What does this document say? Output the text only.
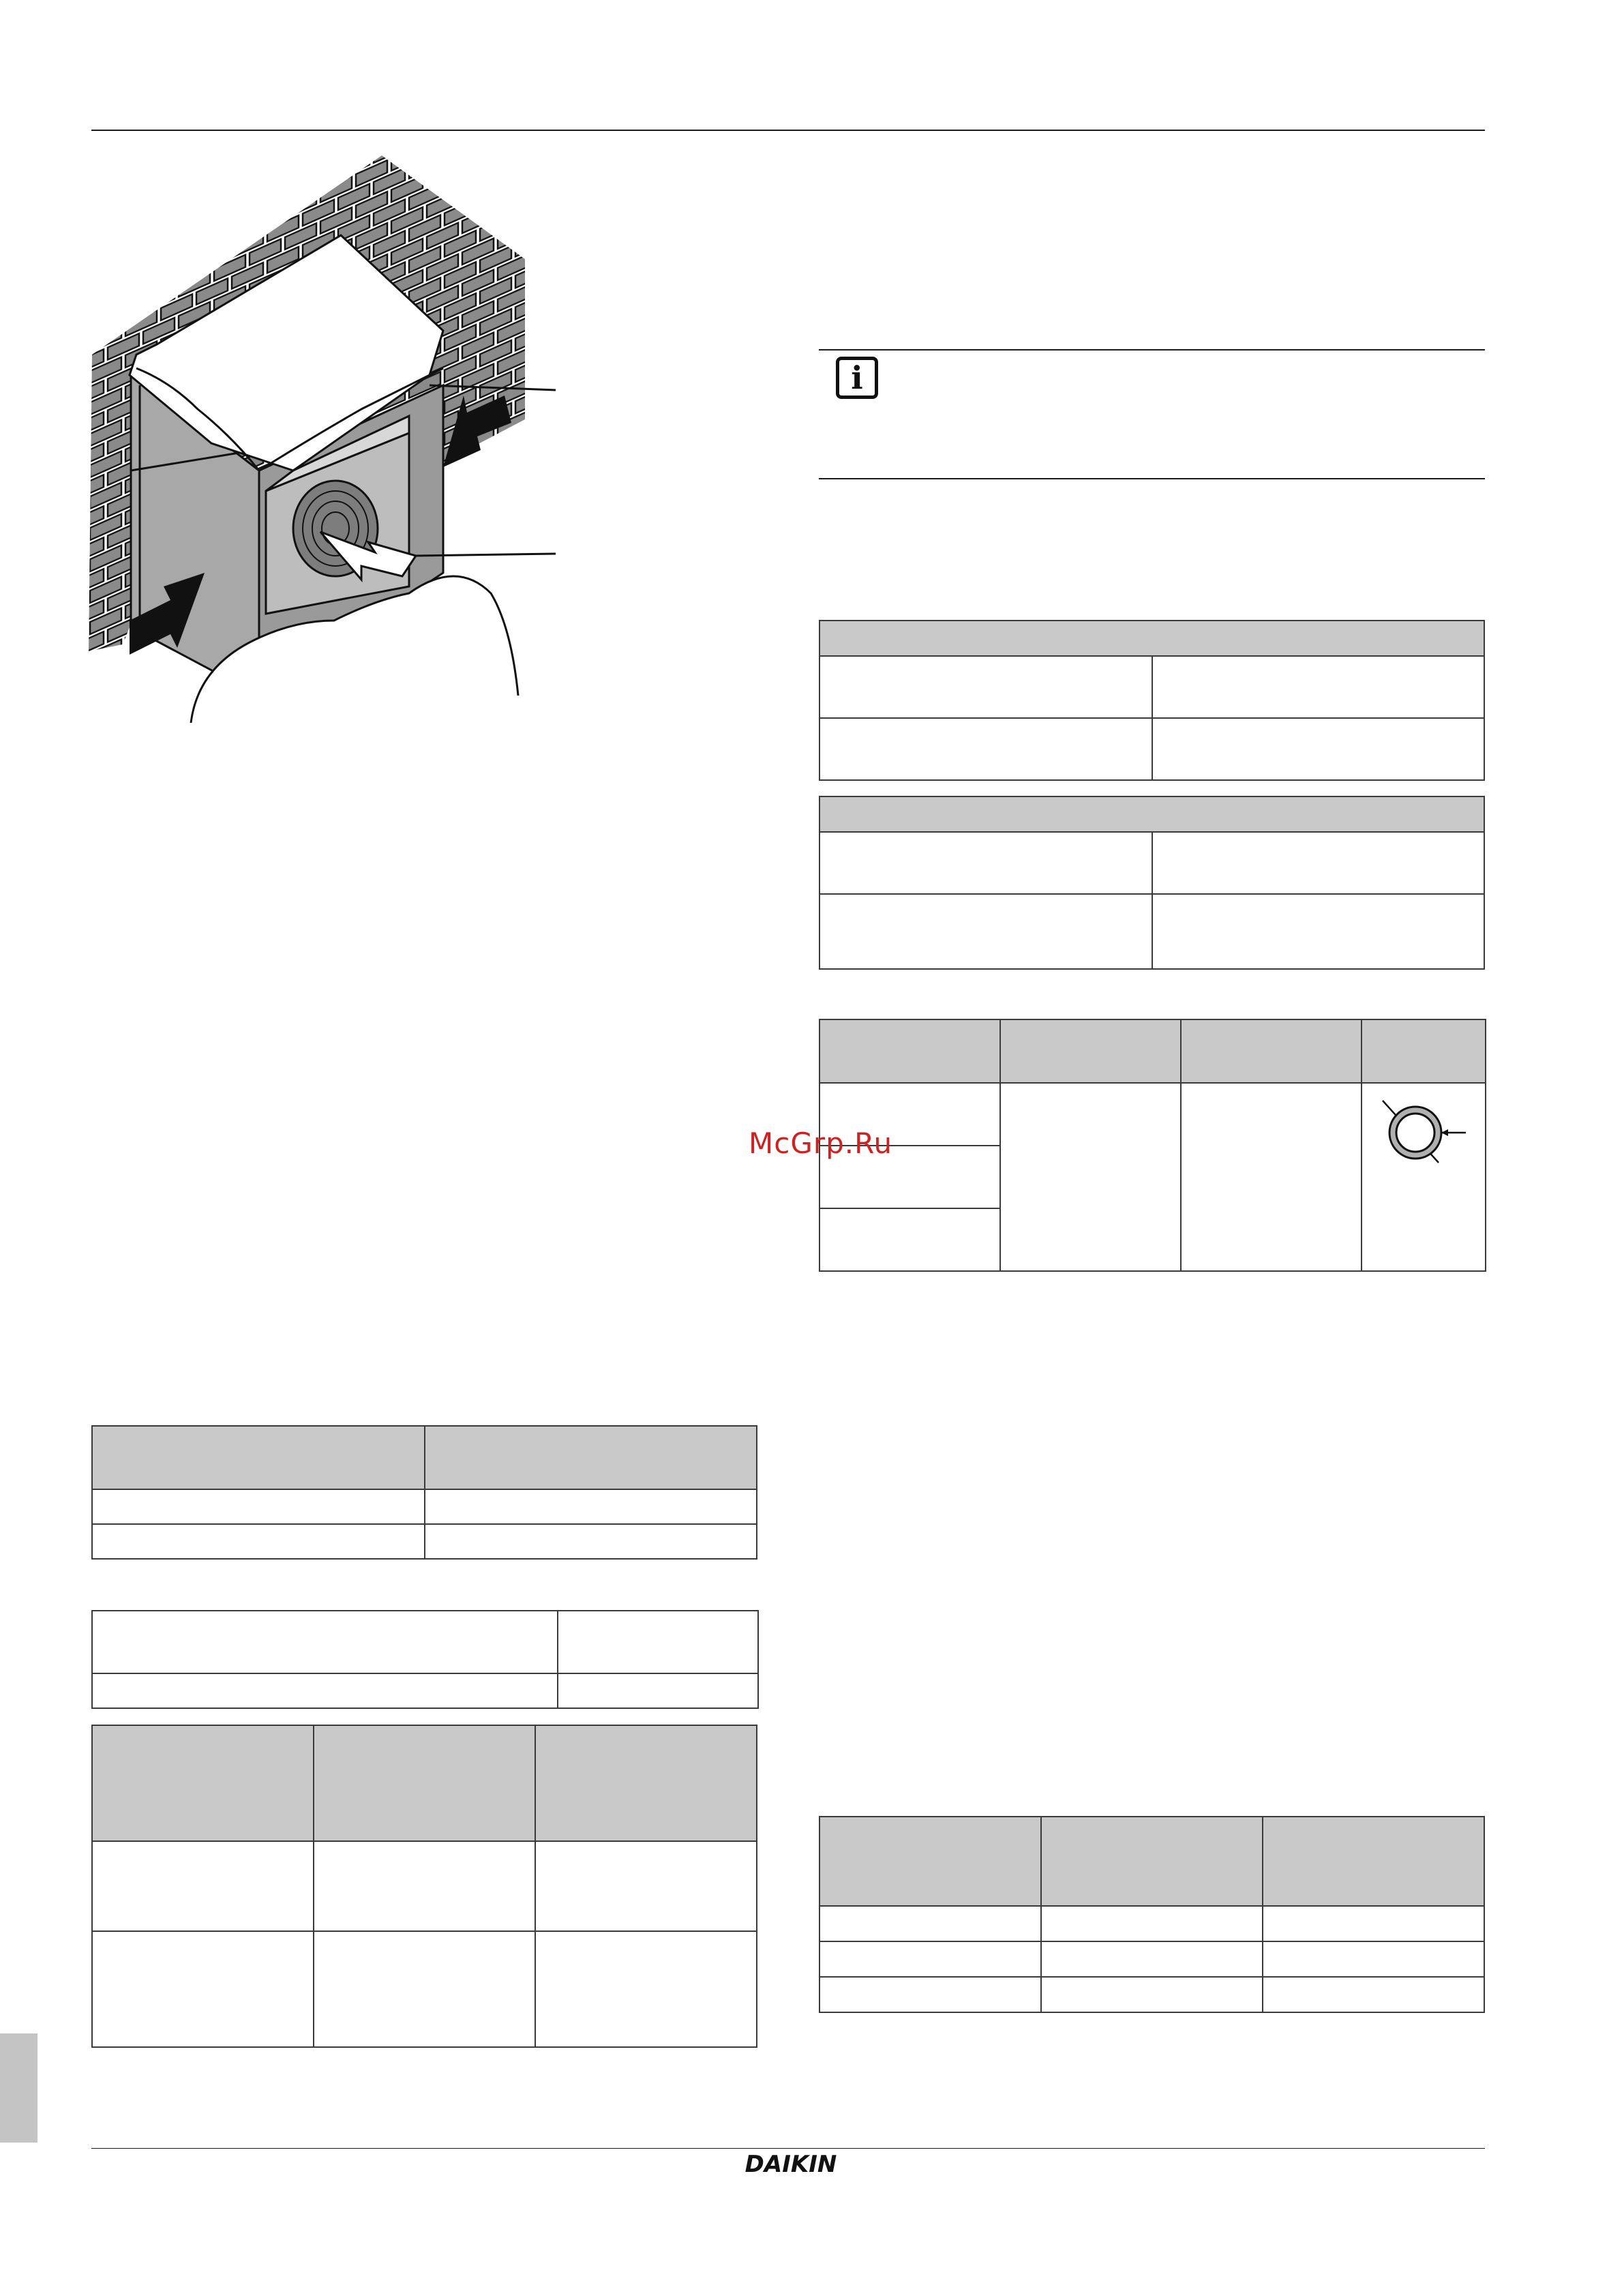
i

McGrp.Ru
DAIKIN
